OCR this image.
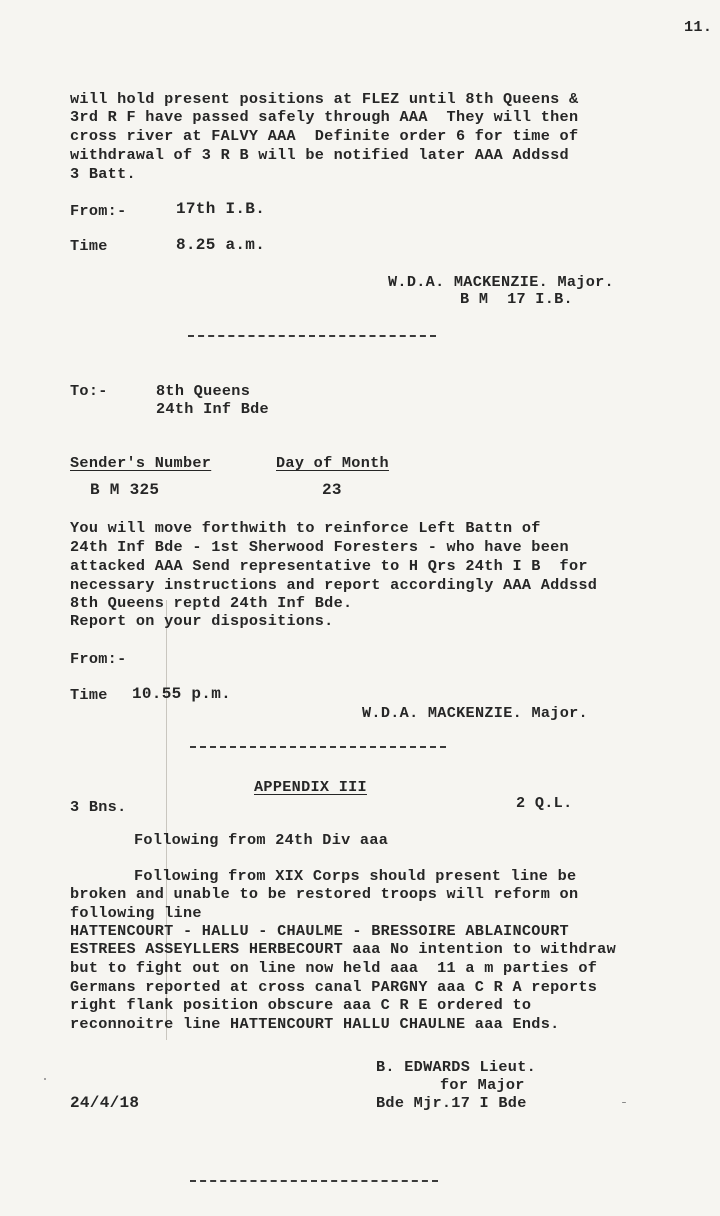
11.
will hold present positions at FLEZ until 8th Queens &
3rd R F have passed safely through AAA  They will then
cross river at FALVY AAA  Definite order 6 for time of
withdrawal of 3 R B will be notified later AAA Addssd
3 Batt.
From:-	17th I.B.
Time	8.25 a.m.
W.D.A. MACKENZIE. Major.
B M  17 I.B.
To:-	8th Queens
24th Inf Bde
Sender's Number	Day of Month
B M 325	23
You will move forthwith to reinforce Left Battn of
24th Inf Bde - 1st Sherwood Foresters - who have been
attacked AAA Send representative to H Qrs 24th I B  for
necessary instructions and report accordingly AAA Addssd
8th Queens reptd 24th Inf Bde.
Report on your dispositions.
From:-
Time 10.55 p.m.
W.D.A. MACKENZIE. Major.
APPENDIX III
3 Bns.	2 Q.L.
Following from 24th Div aaa
Following from XIX Corps should present line be
broken and unable to be restored troops will reform on
following line
HATTENCOURT - HALLU - CHAULME - BRESSOIRE ABLAINCOURT
ESTREES ASSEYLLERS HERBECOURT aaa No intention to withdraw
but to fight out on line now held aaa  11 a m parties of
Germans reported at cross canal PARGNY aaa C R A reports
right flank position obscure aaa C R E ordered to
reconnoitre line HATTENCOURT HALLU CHAULNE aaa Ends.
B. EDWARDS Lieut.
for Major
24/4/18	Bde Mjr.17 I Bde
